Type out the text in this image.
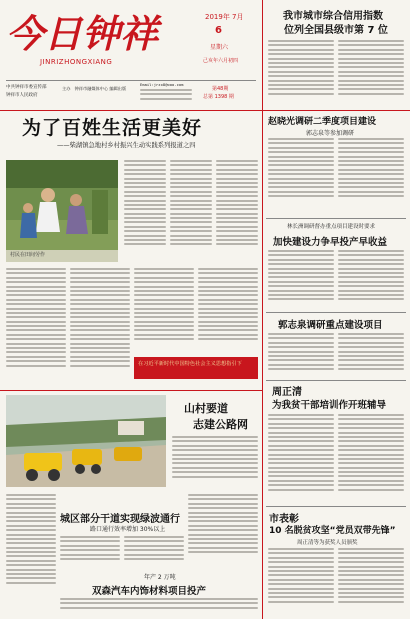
今日钟祥
JINRIZHONGXIANG
2019年 7月
6
星期六
己亥年六月初四
中共钟祥市委宣传部
钟祥市人民政府
主办　钟祥市融媒体中心 编辑出版
Email:jrzx8@ooo.com
第48期
总第 1398 期
我市城市综合信用指数
位列全国县级市第 7 位
为了百姓生活更美好
——柴湖镇急地村乡村振兴生动实践系列报道之四
村民在田间劳作
在习近平新时代中国特色社会主义思想指引下
山村要道
志建公路网
城区部分干道实现绿波通行
路口通行效率增加 30%以上
年产 2 万吨
双森汽车内饰材料项目投产
赵晓光调研二季度项目建设
郭志泉等参加调研
林长洲调研督办重点项目建设时要求
加快建设力争早投产早收益
郭志泉调研重点建设项目
周正清
为我贫干部培训作开班辅导
市表彰
10 名脱贫攻坚“党员双带先锋”
周正清等为获奖人员颁奖
